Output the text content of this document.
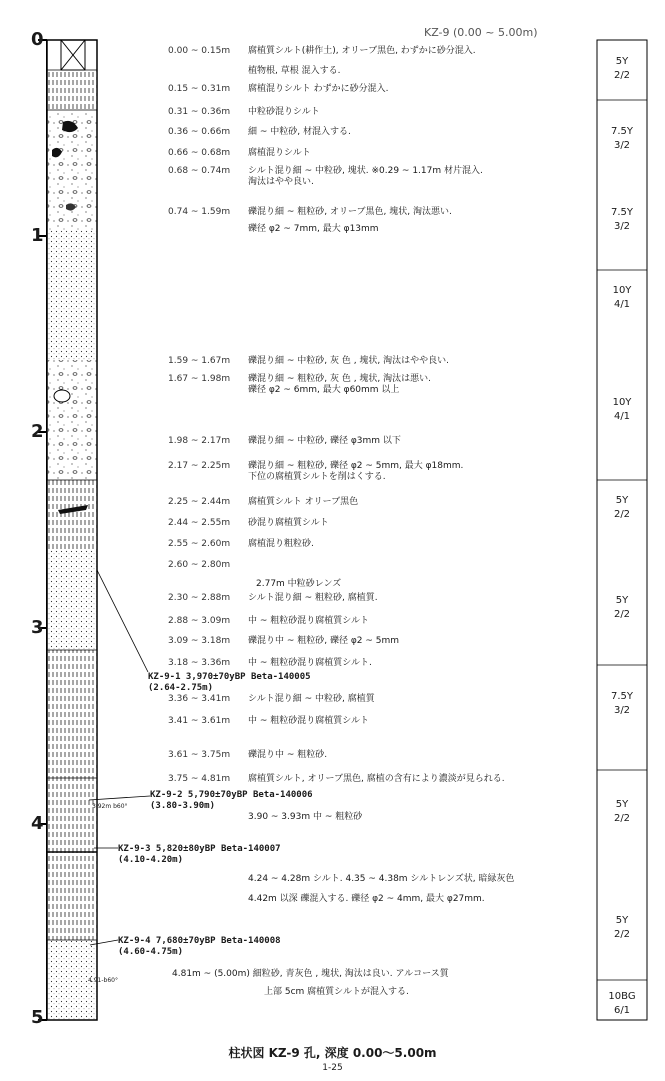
KZ-9 (0.00 ~ 5.00m)
0
1
2
3
4
5
0.00 ~ 0.15m 腐植質シルト(耕作土), オリーブ黒色, わずかに砂分混入.
植物根, 草根 混入する.
0.15 ~ 0.31m 腐植混りシルト わずかに砂分混入.
0.31 ~ 0.36m 中粒砂混りシルト
0.36 ~ 0.66m 細 ~ 中粒砂, 材混入する.
0.66 ~ 0.68m 腐植混りシルト
0.68 ~ 0.74m シルト混り細 ~ 中粒砂, 塊状. ※0.29 ~ 1.17m 材片混入.
淘汰はやや良い.
0.74 ~ 1.59m 礫混り細 ~ 粗粒砂, オリーブ黒色, 塊状, 淘汰悪い.
礫径 φ2 ~ 7mm, 最大 φ13mm
1.59 ~ 1.67m 礫混り細 ~ 中粒砂, 灰 色 , 塊状, 淘汰はやや良い.
1.67 ~ 1.98m 礫混り細 ~ 粗粒砂, 灰 色 , 塊状, 淘汰は悪い.
礫径 φ2 ~ 6mm, 最大 φ60mm 以上
1.98 ~ 2.17m 礫混り細 ~ 中粒砂, 礫径 φ3mm 以下
2.17 ~ 2.25m 礫混り細 ~ 粗粒砂, 礫径 φ2 ~ 5mm, 最大 φ18mm.
下位の腐植質シルトを削はくする.
2.25 ~ 2.44m 腐植質シルト オリーブ黒色
2.44 ~ 2.55m 砂混り腐植質シルト
2.55 ~ 2.60m 腐植混り粗粒砂.
2.60 ~ 2.80m
2.77m 中粒砂レンズ
2.30 ~ 2.88m シルト混り細 ~ 粗粒砂, 腐植質.
2.88 ~ 3.09m 中 ~ 粗粒砂混り腐植質シルト
3.09 ~ 3.18m 礫混り中 ~ 粗粒砂, 礫径 φ2 ~ 5mm
3.18 ~ 3.36m 中 ~ 粗粒砂混り腐植質シルト.
3.36 ~ 3.41m シルト混り細 ~ 中粒砂, 腐植質
3.41 ~ 3.61m 中 ~ 粗粒砂混り腐植質シルト
3.61 ~ 3.75m 礫混り中 ~ 粗粒砂.
3.75 ~ 4.81m 腐植質シルト, オリーブ黒色, 腐植の含有により濃淡が見られる.
3.90 ~ 3.93m 中 ~ 粗粒砂
4.24 ~ 4.28m シルト. 4.35 ~ 4.38m シルトレンズ状, 暗緑灰色
4.42m 以深 礫混入する. 礫径 φ2 ~ 4mm, 最大 φ27mm.
4.81m ~ (5.00m) 細粒砂, 青灰色 , 塊状, 淘汰は良い. アルコース質
上部 5cm 腐植質シルトが混入する.
5Y
2/2
7.5Y
3/2
7.5Y
3/2
10Y
4/1
10Y
4/1
5Y
2/2
5Y
2/2
7.5Y
3/2
5Y
2/2
5Y
2/2
10BG
6/1
KZ-9-1 3,970±70yBP Beta-140005
(2.64-2.75m)
KZ-9-2 5,790±70yBP Beta-140006
(3.80-3.90m)
KZ-9-3 5,820±80yBP Beta-140007
(4.10-4.20m)
KZ-9-4 7,680±70yBP Beta-140008
(4.60-4.75m)
3.92m b60°
4.91-b60°
柱状図 KZ-9 孔, 深度 0.00～5.00m
1-25
